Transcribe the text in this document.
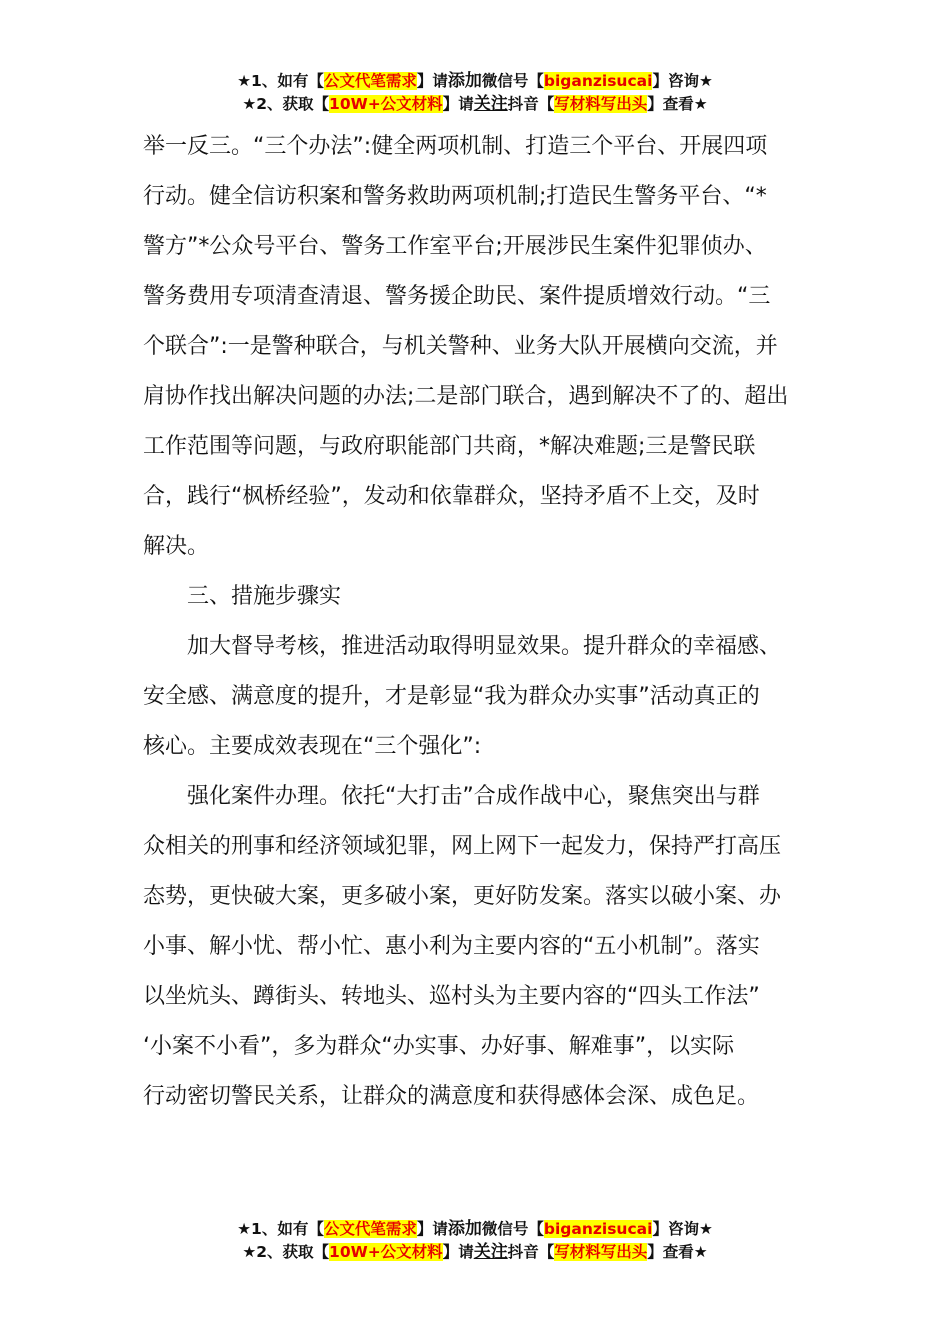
★1、如有【公文代笔需求】请添加微信号【biganzisucai】咨询★
★2、获取【10W+公文材料】请关注抖音【写材料写出头】查看★

举一反三。“三个办法”:健全两项机制、打造三个平台、开展四项

行动。健全信访积案和警务救助两项机制;打造民生警务平台、“*

警方”*公众号平台、警务工作室平台;开展涉民生案件犯罪侦办、

警务费用专项清查清退、警务援企助民、案件提质增效行动。“三

个联合”:一是警种联合，与机关警种、业务大队开展横向交流，并

肩协作找出解决问题的办法;二是部门联合，遇到解决不了的、超出

工作范围等问题，与政府职能部门共商，*解决难题;三是警民联

合，践行“枫桥经验”，发动和依靠群众，坚持矛盾不上交，及时

解决。

三、措施步骤实

加大督导考核，推进活动取得明显效果。提升群众的幸福感、

安全感、满意度的提升，才是彰显“我为群众办实事”活动真正的

核心。主要成效表现在“三个强化”:

强化案件办理。依托“大打击”合成作战中心，聚焦突出与群

众相关的刑事和经济领域犯罪，网上网下一起发力，保持严打高压

态势，更快破大案，更多破小案，更好防发案。落实以破小案、办

小事、解小忧、帮小忙、惠小利为主要内容的“五小机制”。落实

以坐炕头、蹲街头、转地头、巡村头为主要内容的“四头工作法”

‘小案不小看”，多为群众“办实事、办好事、解难事”，以实际

行动密切警民关系，让群众的满意度和获得感体会深、成色足。

★1、如有【公文代笔需求】请添加微信号【biganzisucai】咨询★
★2、获取【10W+公文材料】请关注抖音【写材料写出头】查看★
